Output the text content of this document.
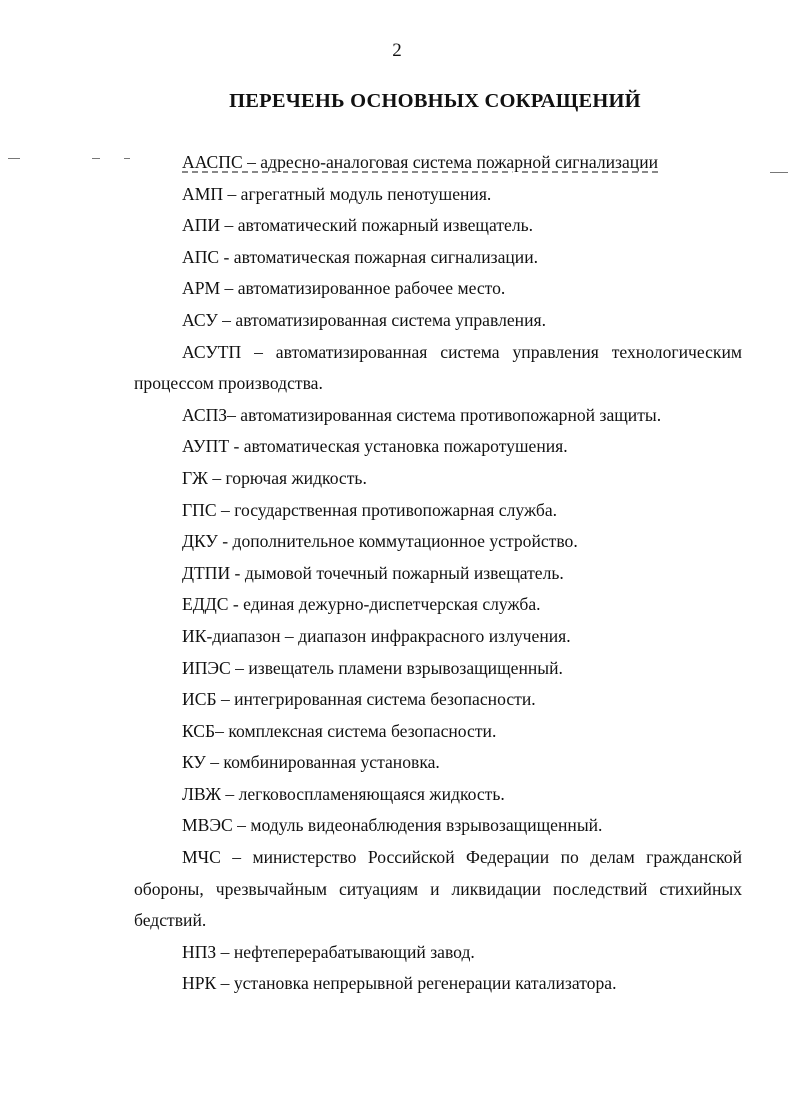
2
ПЕРЕЧЕНЬ ОСНОВНЫХ СОКРАЩЕНИЙ

ААСПС – адресно-аналоговая система пожарной сигнализации

АМП – агрегатный модуль пенотушения.

АПИ – автоматический пожарный извещатель.

АПС - автоматическая пожарная сигнализации.

АРМ – автоматизированное рабочее место.

АСУ – автоматизированная система управления.

АСУТП – автоматизированная система управления технологическим процессом производства.

АСПЗ– автоматизированная система противопожарной защиты.

АУПТ - автоматическая установка пожаротушения.

ГЖ – горючая жидкость.

ГПС – государственная противопожарная служба.

ДКУ - дополнительное коммутационное устройство.

ДТПИ - дымовой точечный пожарный извещатель.

ЕДДС - единая дежурно-диспетчерская служба.

ИК-диапазон – диапазон инфракрасного излучения.

ИПЭС – извещатель пламени взрывозащищенный.

ИСБ – интегрированная система безопасности.

КСБ– комплексная система безопасности.

КУ – комбинированная установка.

ЛВЖ – легковоспламеняющаяся жидкость.

МВЭС – модуль видеонаблюдения взрывозащищенный.

МЧС – министерство Российской Федерации по делам гражданской обороны, чрезвычайным ситуациям и ликвидации последствий стихийных бедствий.

НПЗ – нефтеперерабатывающий завод.

НРК – установка непрерывной регенерации катализатора.
